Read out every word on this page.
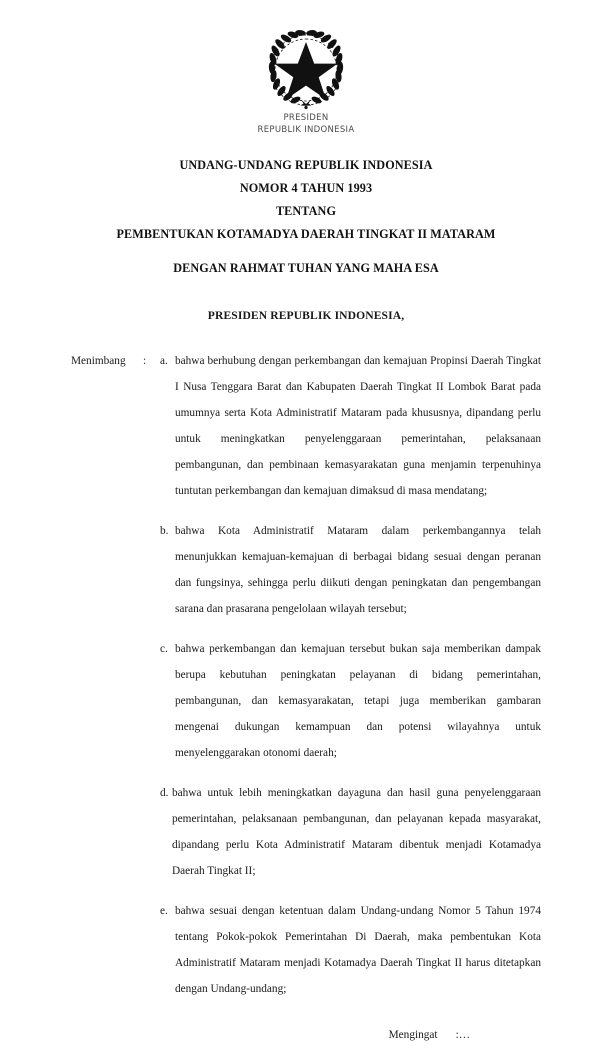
PRESIDEN
REPUBLIK INDONESIA
UNDANG-UNDANG REPUBLIK INDONESIA
NOMOR 4 TAHUN 1993
TENTANG
PEMBENTUKAN KOTAMADYA DAERAH TINGKAT II MATARAM
DENGAN RAHMAT TUHAN YANG MAHA ESA
PRESIDEN REPUBLIK INDONESIA,
Menimbang	:	a. bahwa berhubung dengan perkembangan dan kemajuan Propinsi Daerah Tingkat I Nusa Tenggara Barat dan Kabupaten Daerah Tingkat II Lombok Barat pada umumnya serta Kota Administratif Mataram pada khususnya, dipandang perlu untuk meningkatkan penyelenggaraan pemerintahan, pelaksanaan pembangunan, dan pembinaan kemasyarakatan guna menjamin terpenuhinya tuntutan perkembangan dan kemajuan dimaksud di masa mendatang;
b. bahwa Kota Administratif Mataram dalam perkembangannya telah menunjukkan kemajuan-kemajuan di berbagai bidang sesuai dengan peranan dan fungsinya, sehingga perlu diikuti dengan peningkatan dan pengembangan sarana dan prasarana pengelolaan wilayah tersebut;
c. bahwa perkembangan dan kemajuan tersebut bukan saja memberikan dampak berupa kebutuhan peningkatan pelayanan di bidang pemerintahan, pembangunan, dan kemasyarakatan, tetapi juga memberikan gambaran mengenai dukungan kemampuan dan potensi wilayahnya untuk menyelenggarakan otonomi daerah;
d. bahwa untuk lebih meningkatkan dayaguna dan hasil guna penyelenggaraan pemerintahan, pelaksanaan pembangunan, dan pelayanan kepada masyarakat, dipandang perlu Kota Administratif Mataram dibentuk menjadi Kotamadya Daerah Tingkat II;
e. bahwa sesuai dengan ketentuan dalam Undang-undang Nomor 5 Tahun 1974 tentang Pokok-pokok Pemerintahan Di Daerah, maka pembentukan Kota  Administratif Mataram menjadi Kotamadya Daerah Tingkat II harus ditetapkan dengan Undang-undang;
Mengingat :…
